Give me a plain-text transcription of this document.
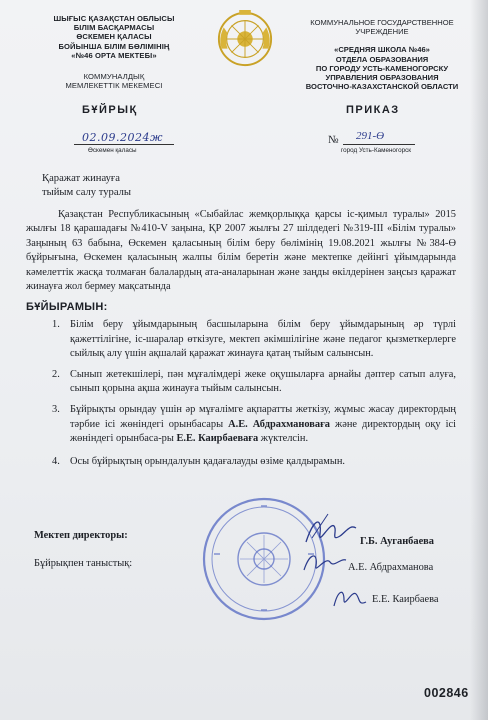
ШЫҒЫС ҚАЗАҚСТАН ОБЛЫСЫ
БІЛІМ БАСҚАРМАСЫ
ӨСКЕМЕН ҚАЛАСЫ
БОЙЫНША БІЛІМ БӨЛІМІНІҢ
«№46 ОРТА МЕКТЕБІ»
КОММУНАЛДЫҚ
МЕМЛЕКЕТТІК МЕКЕМЕСІ
КОММУНАЛЬНОЕ ГОСУДАРСТВЕННОЕ
УЧРЕЖДЕНИЕ
«СРЕДНЯЯ ШКОЛА №46»
ОТДЕЛА ОБРАЗОВАНИЯ
ПО ГОРОДУ УСТЬ-КАМЕНОГОРСКУ
УПРАВЛЕНИЯ ОБРАЗОВАНИЯ
ВОСТОЧНО-КАЗАХСТАНСКОЙ ОБЛАСТИ
БҰЙРЫҚ	ПРИКАЗ
02.09.2024ж
Өскемен қаласы
№ 291-Ө
город Усть-Каменогорск
Қаражат жинауға
тыйым салу туралы
Қазақстан Республикасының «Сыбайлас жемқорлыққа қарсы іс-қимыл туралы» 2015 жылғы 18 қарашадағы №410-V заңына, ҚР 2007 жылғы 27 шілдедегі №319-ІІІ «Білім туралы» Заңының 63 бабына, Өскемен қаласының білім беру бөлімінің 19.08.2021 жылғы №384-Ө бұйрығына, Өскемен қаласының жалпы білім беретін және мектепке дейінгі ұйымдарында кәмелеттік жасқа толмаған балалардың ата-аналарынан және заңды өкілдерінен заңсыз қаражат жинауға жол бермеу мақсатында
БҰЙЫРАМЫН:
1. Білім беру ұйымдарының басшыларына білім беру ұйымдарының әр түрлі қажеттілігіне, іс-шаралар өткізуге, мектеп әкімшілігіне және педагог қызметкерлерге сыйлық алу үшін ақшалай қаражат жинауға қатаң тыйым салынсын.
2. Сынып жетекшілері, пән мұғалімдері жеке оқушыларға арнайы дәптер сатып алуға, сынып қорына ақша жинауға тыйым салынсын.
3. Бұйрықты орындау үшін әр мұғалімге ақпаратты жеткізу, жұмыс жасау директордың тәрбие ісі жөніндегі орынбасары А.Е. Абдрахмановаға және директордың оқу ісі жөніндегі орынбаса-ры Е.Е. Каирбаеваға жүктелсін.
4. Осы бұйрықтың орындалуын қадағалауды өзіме қалдырамын.
Мектеп директоры:
Г.Б. Ауганбаева
Бұйрықпен таныстық:	А.Е. Абдрахманова
Е.Е. Каирбаева
002846
